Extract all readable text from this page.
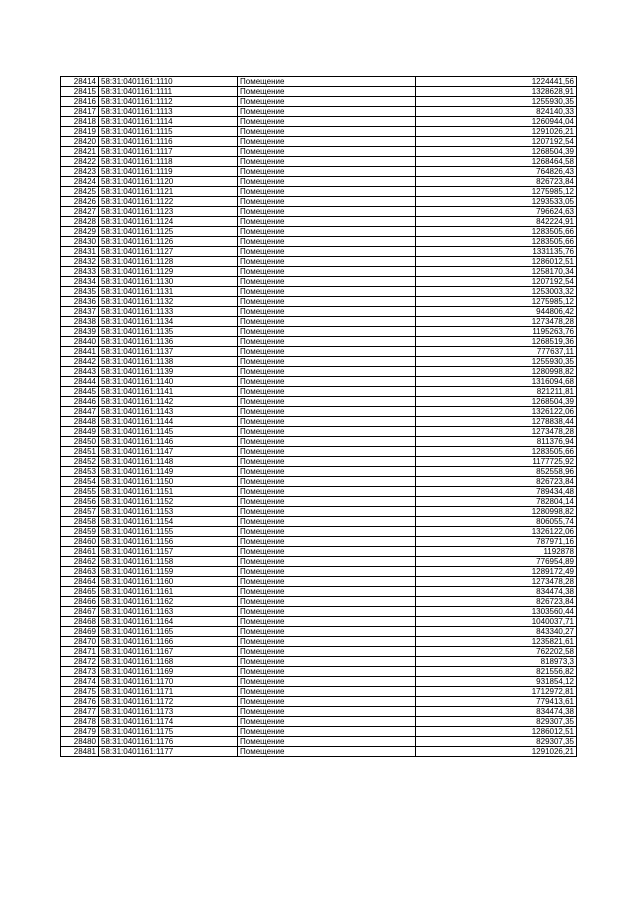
28414	58:31:0401161:1110	Помещение	1224441,56
28415	58:31:0401161:1111	Помещение	1328628,91
28416	58:31:0401161:1112	Помещение	1255930,35
28417	58:31:0401161:1113	Помещение	824140,33
28418	58:31:0401161:1114	Помещение	1260944,04
28419	58:31:0401161:1115	Помещение	1291026,21
28420	58:31:0401161:1116	Помещение	1207192,54
28421	58:31:0401161:1117	Помещение	1268504,39
28422	58:31:0401161:1118	Помещение	1268464,58
28423	58:31:0401161:1119	Помещение	764826,43
28424	58:31:0401161:1120	Помещение	826723,84
28425	58:31:0401161:1121	Помещение	1275985,12
28426	58:31:0401161:1122	Помещение	1293533,05
28427	58:31:0401161:1123	Помещение	796624,63
28428	58:31:0401161:1124	Помещение	842224,91
28429	58:31:0401161:1125	Помещение	1283505,66
28430	58:31:0401161:1126	Помещение	1283505,66
28431	58:31:0401161:1127	Помещение	1331135,76
28432	58:31:0401161:1128	Помещение	1286012,51
28433	58:31:0401161:1129	Помещение	1258170,34
28434	58:31:0401161:1130	Помещение	1207192,54
28435	58:31:0401161:1131	Помещение	1253003,32
28436	58:31:0401161:1132	Помещение	1275985,12
28437	58:31:0401161:1133	Помещение	944806,42
28438	58:31:0401161:1134	Помещение	1273478,28
28439	58:31:0401161:1135	Помещение	1195263,76
28440	58:31:0401161:1136	Помещение	1268519,36
28441	58:31:0401161:1137	Помещение	777637,11
28442	58:31:0401161:1138	Помещение	1255930,35
28443	58:31:0401161:1139	Помещение	1280998,82
28444	58:31:0401161:1140	Помещение	1316094,68
28445	58:31:0401161:1141	Помещение	821211,81
28446	58:31:0401161:1142	Помещение	1268504,39
28447	58:31:0401161:1143	Помещение	1326122,06
28448	58:31:0401161:1144	Помещение	1278838,44
28449	58:31:0401161:1145	Помещение	1273478,28
28450	58:31:0401161:1146	Помещение	811376,94
28451	58:31:0401161:1147	Помещение	1283505,66
28452	58:31:0401161:1148	Помещение	1177725,92
28453	58:31:0401161:1149	Помещение	852558,96
28454	58:31:0401161:1150	Помещение	826723,84
28455	58:31:0401161:1151	Помещение	789434,48
28456	58:31:0401161:1152	Помещение	782804,14
28457	58:31:0401161:1153	Помещение	1280998,82
28458	58:31:0401161:1154	Помещение	806055,74
28459	58:31:0401161:1155	Помещение	1326122,06
28460	58:31:0401161:1156	Помещение	787971,16
28461	58:31:0401161:1157	Помещение	1192878
28462	58:31:0401161:1158	Помещение	776954,89
28463	58:31:0401161:1159	Помещение	1289172,49
28464	58:31:0401161:1160	Помещение	1273478,28
28465	58:31:0401161:1161	Помещение	834474,38
28466	58:31:0401161:1162	Помещение	826723,84
28467	58:31:0401161:1163	Помещение	1303560,44
28468	58:31:0401161:1164	Помещение	1040037,71
28469	58:31:0401161:1165	Помещение	843340,27
28470	58:31:0401161:1166	Помещение	1235821,61
28471	58:31:0401161:1167	Помещение	762202,58
28472	58:31:0401161:1168	Помещение	818973,3
28473	58:31:0401161:1169	Помещение	821556,82
28474	58:31:0401161:1170	Помещение	931854,12
28475	58:31:0401161:1171	Помещение	1712972,81
28476	58:31:0401161:1172	Помещение	779413,61
28477	58:31:0401161:1173	Помещение	834474,38
28478	58:31:0401161:1174	Помещение	829307,35
28479	58:31:0401161:1175	Помещение	1286012,51
28480	58:31:0401161:1176	Помещение	829307,35
28481	58:31:0401161:1177	Помещение	1291026,21
